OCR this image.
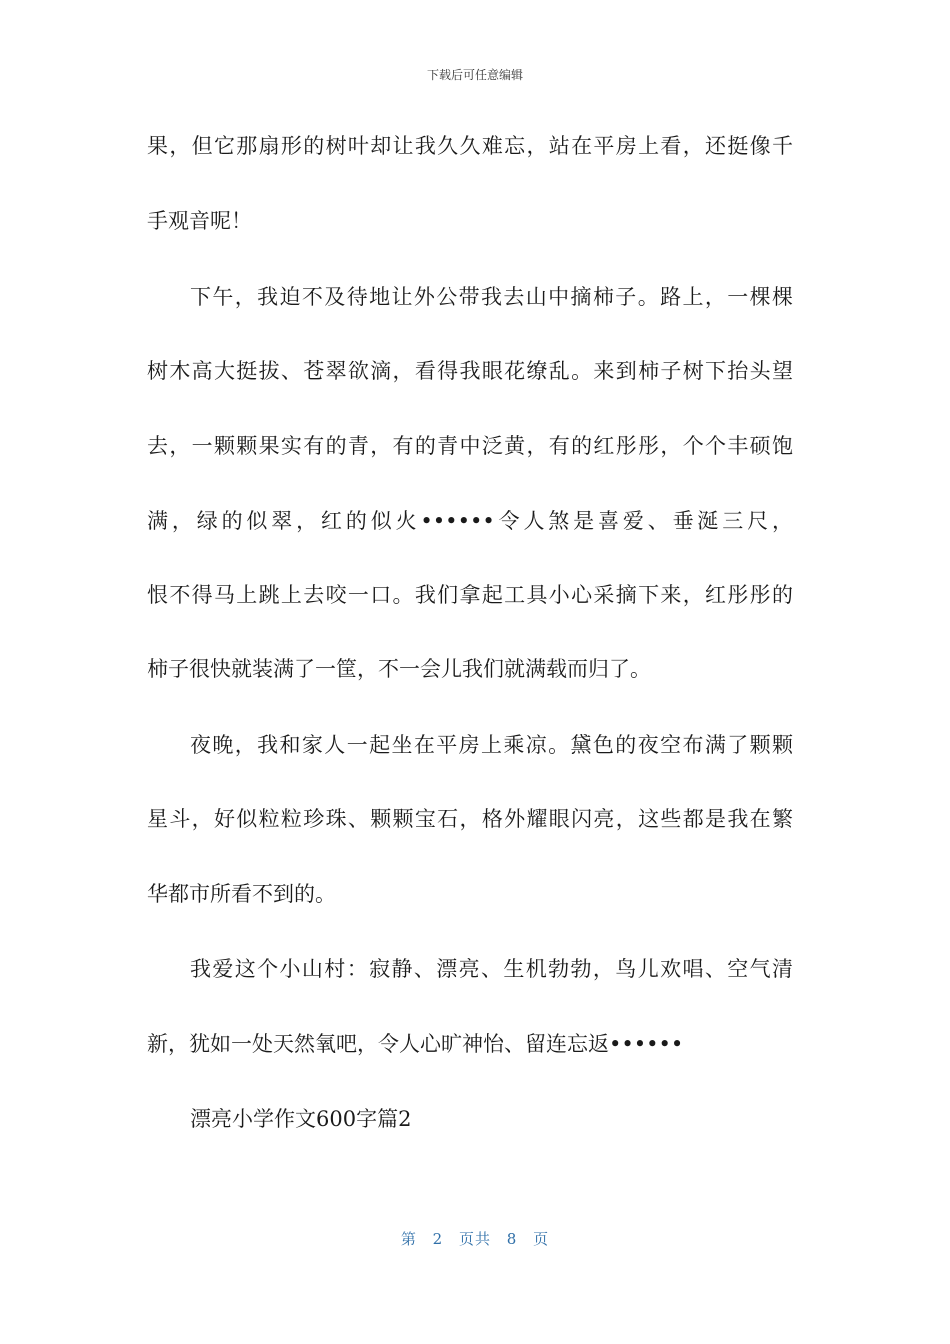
下载后可任意编辑
果，但它那扇形的树叶却让我久久难忘，站在平房上看，还挺像千
手观音呢！
下午，我迫不及待地让外公带我去山中摘柿子。路上，一棵棵
树木高大挺拔、苍翠欲滴，看得我眼花缭乱。来到柿子树下抬头望
去，一颗颗果实有的青，有的青中泛黄，有的红彤彤，个个丰硕饱
满，绿的似翠，红的似火••••••令人煞是喜爱、垂涎三尺，
恨不得马上跳上去咬一口。我们拿起工具小心采摘下来，红彤彤的
柿子很快就装满了一筐，不一会儿我们就满载而归了。
夜晚，我和家人一起坐在平房上乘凉。黛色的夜空布满了颗颗
星斗，好似粒粒珍珠、颗颗宝石，格外耀眼闪亮，这些都是我在繁
华都市所看不到的。
我爱这个小山村：寂静、漂亮、生机勃勃，鸟儿欢唱、空气清
新，犹如一处天然氧吧，令人心旷神怡、留连忘返••••••
漂亮小学作文600字篇2
第 2 页共 8 页
